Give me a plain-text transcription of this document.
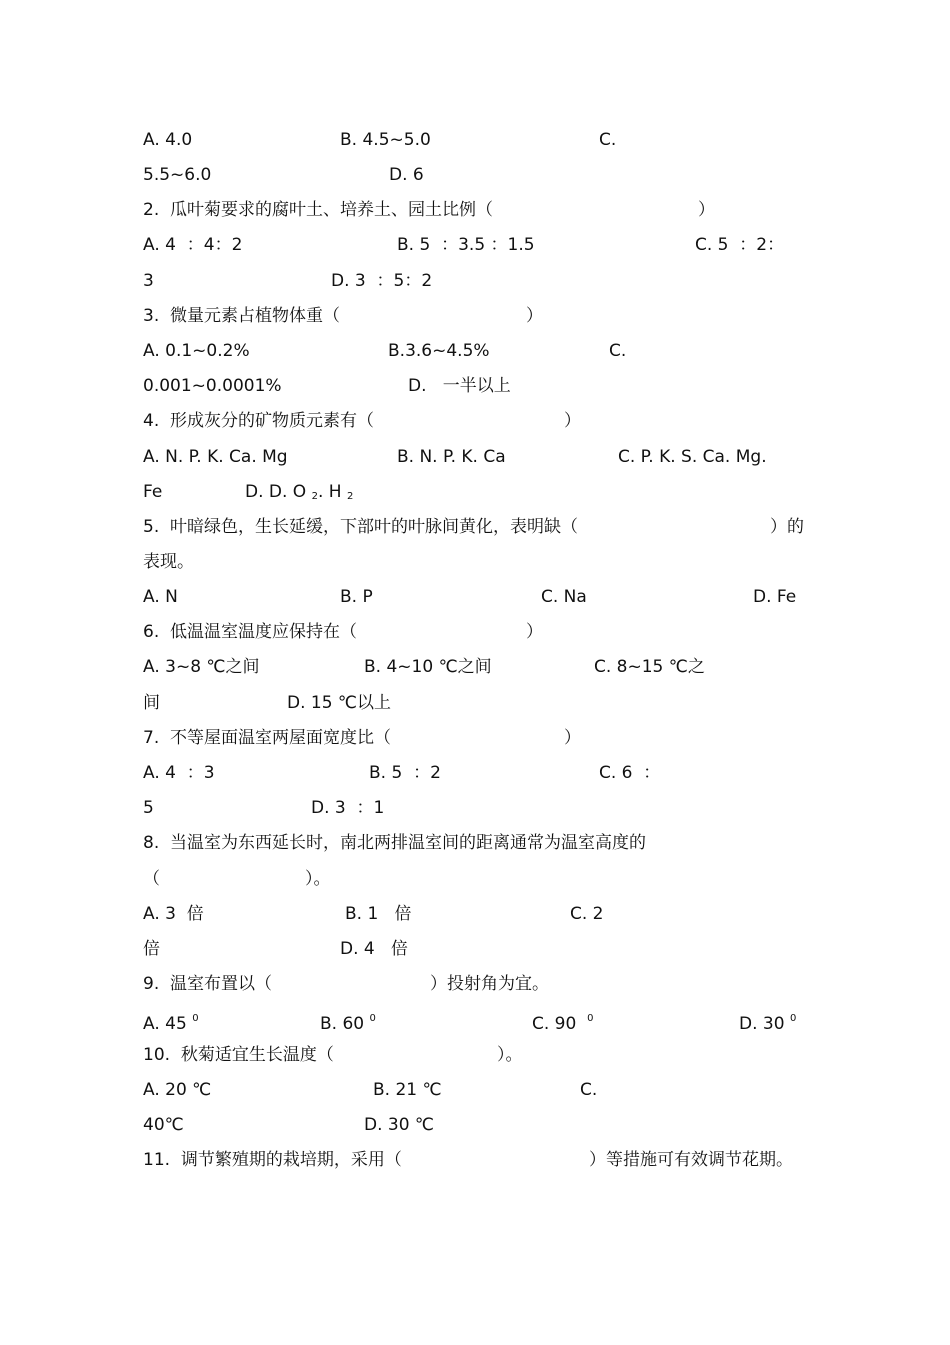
A. 4.0	B. 4.5~5.0	C.
5.5~6.0	D. 6
2.  瓜叶菊要求的腐叶土、培养土、园土比例（	）
A. 4  ：4：2	B. 5  ：3.5 ：1.5	C. 5  ：2：
3	D. 3  ：5：2
3.  微量元素占植物体重（	）
A. 0.1~0.2%	B.3.6~4.5%	C.
0.001~0.0001%	D.   一半以上
4.  形成灰分的矿物质元素有（	）
A. N. P. K. Ca. Mg	B. N. P. K. Ca	C. P. K. S. Ca. Mg.
Fe	D. D. O $_2$. H $_2$
5.  叶暗绿色，生长延缓，下部叶的叶脉间黄化，表明缺（	）的
表现。
A. N	B. P	C. Na	D. Fe
6.  低温温室温度应保持在（	）
A. 3~8 ℃之间	B. 4~10 ℃之间	C. 8~15 ℃之
间	D. 15 ℃以上
7.  不等屋面温室两屋面宽度比（	）
A. 4  ：3	B. 5  ：2	C. 6  ：
5	D. 3  ：1
8.  当温室为东西延长时，南北两排温室间的距离通常为温室高度的
（	）。
A. 3  倍	B. 1   倍	C. 2
倍	D. 4   倍
9.  温室布置以（	）投射角为宜。
A. 45 $^0$	B. 60 $^0$	C. 90  $^0$	D. 30 $^0$
10.  秋菊适宜生长温度（	）。
A. 20 ℃	B. 21 ℃	C.
40℃	D. 30 ℃
11.  调节繁殖期的栽培期，采用（	）等措施可有效调节花期。
